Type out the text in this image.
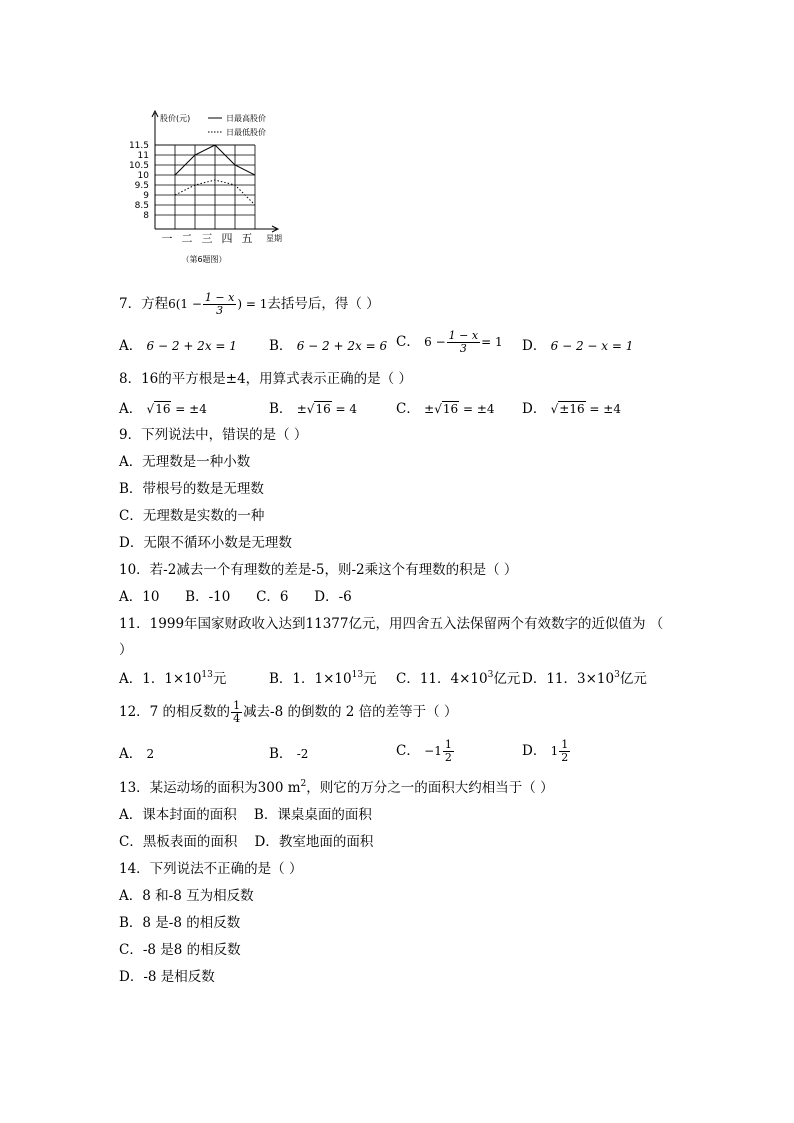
11.5
11
10.5
10
9.5
9
8.5
8
一 二 三 四 五
股价(元)
星期
（第6题图）
日最高股价
日最低股价
7．方程$6(1 - \frac{1 - x}{3}$ ) = 1去括号后，得（ ）
A． 6 − 2 + 2x = 1 B． 6 − 2 + 2x = 6 C． $6 - \frac{1 - x}{3} = 1$ D． 6 − 2 − x = 1
8．16的平方根是±4，用算式表示正确的是（ ）
A． √16 = ±4	B． ±√16 = 4	C． ±√16 = ±4 D． √±16 = ±4
9．下列说法中，错误的是（ ）
A．无理数是一种小数
B．带根号的数是无理数
C．无理数是实数的一种
D．无限不循环小数是无理数
10．若-2减去一个有理数的差是-5，则-2乘这个有理数的积是（ ）
A．10      B．-10      C．6      D．-6
11．1999年国家财政收入达到11377亿元，用四舍五入法保留两个有效数字的近似值为 （
）
A．1．$1\times 10^{13}$元	B．1．$1\times 10^{13}$元 C．11．$4\times 10^3$亿元 D．11．$3\times 10^3$亿元
12．7 的相反数的 $\frac{1}{4}$ 减去-8 的倒数的 2 倍的差等于（ ）
A． 2	B． -2	C． $-1 \frac{1}{2}$	D． $1 \frac{1}{2}$
13．某运动场的面积为300 $m^2$，则它的万分之一的面积大约相当于（ ）
A．课本封面的面积    B．课桌桌面的面积
C．黑板表面的面积    D．教室地面的面积
14．下列说法不正确的是（ ）
A．8 和-8 互为相反数
B．8 是-8 的相反数
C．-8 是8 的相反数
D．-8 是相反数
